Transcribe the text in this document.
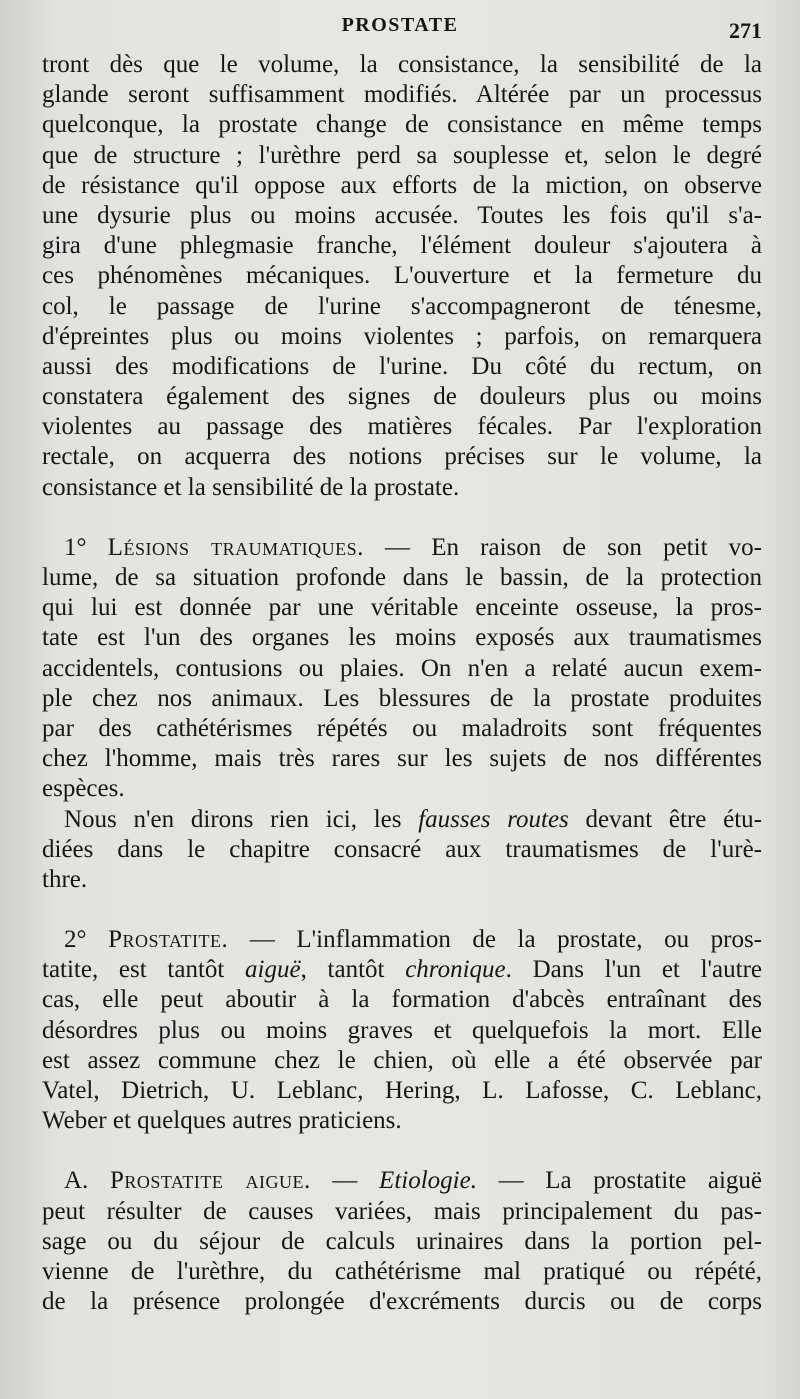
PROSTATE	271
tront dès que le volume, la consistance, la sensibilité de la
glande seront suffisamment modifiés. Altérée par un processus
quelconque, la prostate change de consistance en même temps
que de structure ; l'urèthre perd sa souplesse et, selon le degré
de résistance qu'il oppose aux efforts de la miction, on observe
une dysurie plus ou moins accusée. Toutes les fois qu'il s'a-
gira d'une phlegmasie franche, l'élément douleur s'ajoutera à
ces phénomènes mécaniques. L'ouverture et la fermeture du
col, le passage de l'urine s'accompagneront de ténesme,
d'épreintes plus ou moins violentes ; parfois, on remarquera
aussi des modifications de l'urine. Du côté du rectum, on
constatera également des signes de douleurs plus ou moins
violentes au passage des matières fécales. Par l'exploration
rectale, on acquerra des notions précises sur le volume, la
consistance et la sensibilité de la prostate.
1° Lésions traumatiques. — En raison de son petit vo-
lume, de sa situation profonde dans le bassin, de la protection
qui lui est donnée par une véritable enceinte osseuse, la pros-
tate est l'un des organes les moins exposés aux traumatismes
accidentels, contusions ou plaies. On n'en a relaté aucun exem-
ple chez nos animaux. Les blessures de la prostate produites
par des cathétérismes répétés ou maladroits sont fréquentes
chez l'homme, mais très rares sur les sujets de nos différentes
espèces.
Nous n'en dirons rien ici, les fausses routes devant être étu-
diées dans le chapitre consacré aux traumatismes de l'urè-
thre.
2° Prostatite. — L'inflammation de la prostate, ou pros-
tatite, est tantôt aiguë, tantôt chronique. Dans l'un et l'autre
cas, elle peut aboutir à la formation d'abcès entraînant des
désordres plus ou moins graves et quelquefois la mort. Elle
est assez commune chez le chien, où elle a été observée par
Vatel, Dietrich, U. Leblanc, Hering, L. Lafosse, C. Leblanc,
Weber et quelques autres praticiens.
A. Prostatite aigue. — Etiologie. — La prostatite aiguë
peut résulter de causes variées, mais principalement du pas-
sage ou du séjour de calculs urinaires dans la portion pel-
vienne de l'urèthre, du cathétérisme mal pratiqué ou répété,
de la présence prolongée d'excréments durcis ou de corps
